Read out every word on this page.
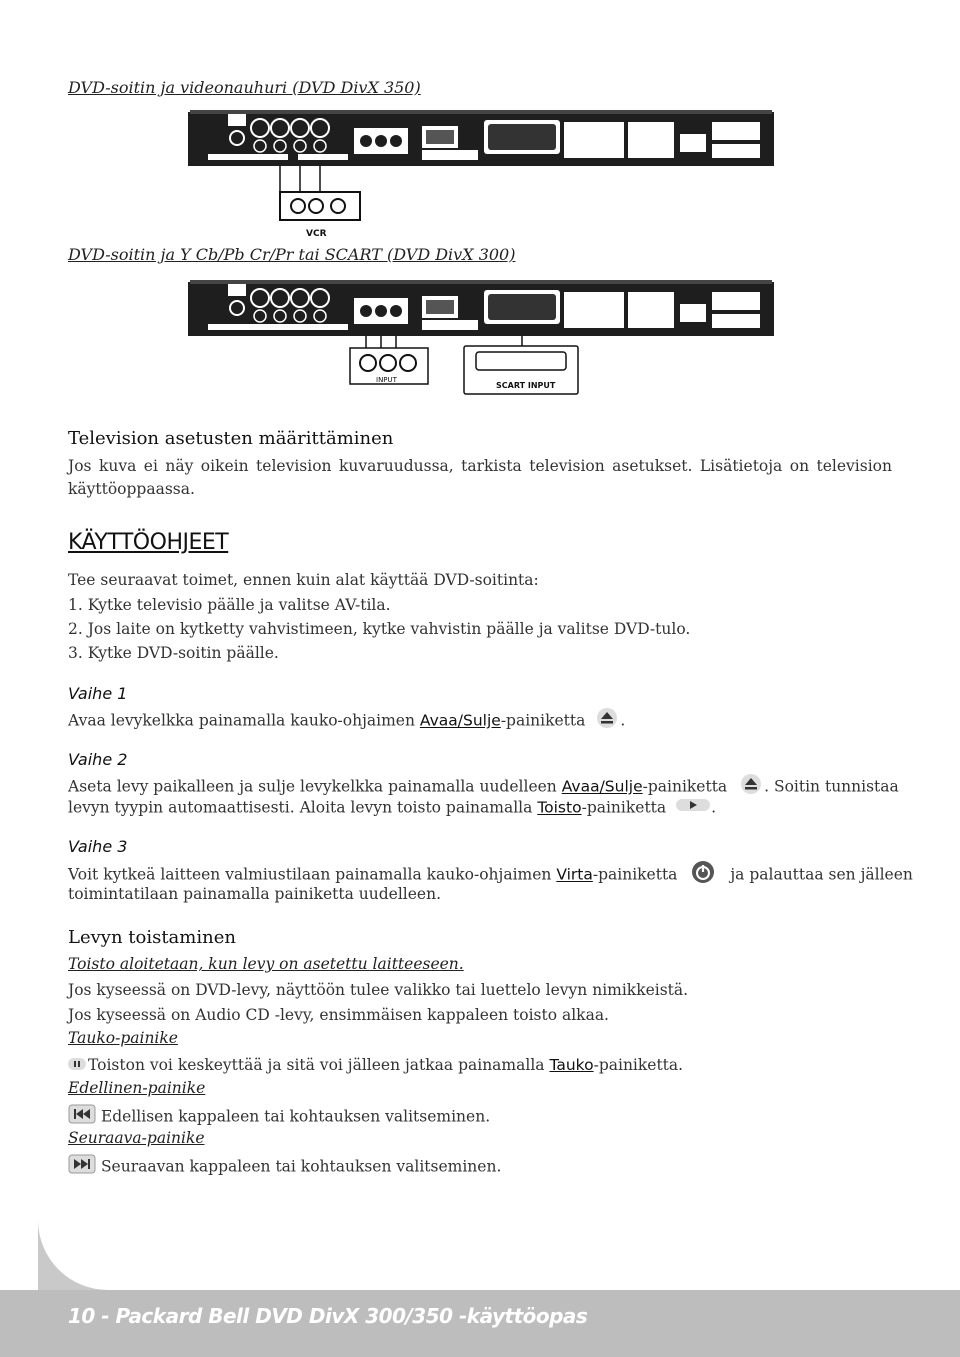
DVD-soitin ja videonauhuri (DVD DivX 350)
VCR
DVD-soitin ja Y Cb/Pb Cr/Pr tai SCART (DVD DivX 300)
INPUT
SCART INPUT
Television asetusten määrittäminen
Jos kuva ei näy oikein television kuvaruudussa, tarkista television asetukset. Lisätietoja on television käyttöoppaassa.
KÄYTTÖOHJEET
Tee seuraavat toimet, ennen kuin alat käyttää DVD-soitinta:
1. Kytke televisio päälle ja valitse AV-tila.
2. Jos laite on kytketty vahvistimeen, kytke vahvistin päälle ja valitse DVD-tulo.
3. Kytke DVD-soitin päälle.
Vaihe 1
Avaa levykelkka painamalla kauko-ohjaimen Avaa/Sulje-painiketta .
Vaihe 2
Aseta levy paikalleen ja sulje levykelkka painamalla uudelleen Avaa/Sulje-painiketta . Soitin tunnistaa
levyn tyypin automaattisesti. Aloita levyn toisto painamalla Toisto-painiketta	.
Vaihe 3
Voit kytkeä laitteen valmiustilaan painamalla kauko-ohjaimen Virta-painiketta	ja palauttaa sen jälleen
toimintatilaan painamalla painiketta uudelleen.
Levyn toistaminen
Toisto aloitetaan, kun levy on asetettu laitteeseen.
Jos kyseessä on DVD-levy, näyttöön tulee valikko tai luettelo levyn nimikkeistä.
Jos kyseessä on Audio CD -levy, ensimmäisen kappaleen toisto alkaa.
Tauko-painike
Toiston voi keskeyttää ja sitä voi jälleen jatkaa painamalla Tauko-painiketta.
Edellinen-painike
Edellisen kappaleen tai kohtauksen valitseminen.
Seuraava-painike
Seuraavan kappaleen tai kohtauksen valitseminen.
10 - Packard Bell DVD DivX 300/350 -käyttöopas
